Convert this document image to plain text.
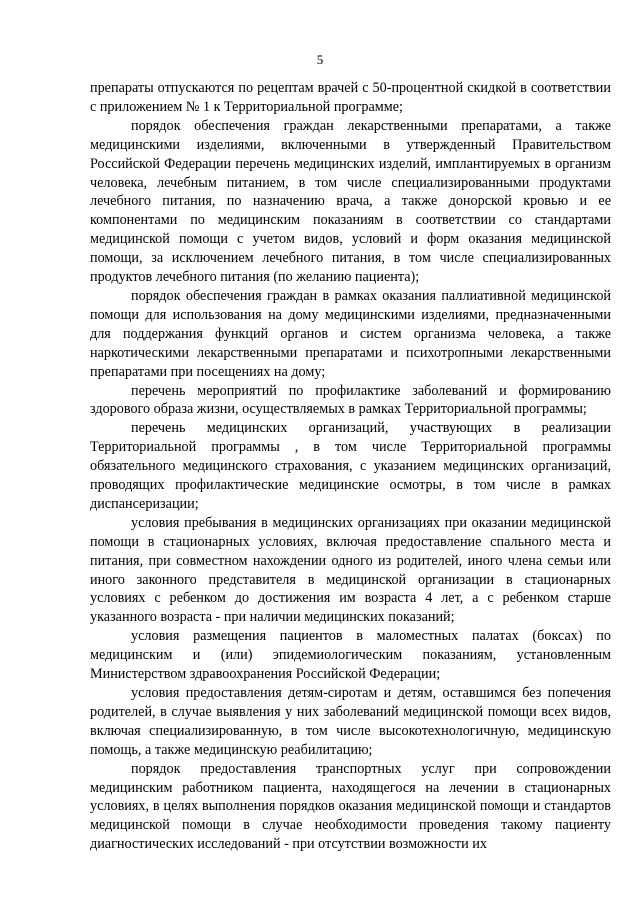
5

препараты отпускаются по рецептам врачей с 50-процентной скидкой в соответствии с приложением № 1 к Территориальной программе;

порядок обеспечения граждан лекарственными препаратами, а также медицинскими изделиями, включенными в утвержденный Правительством Российской Федерации перечень медицинских изделий, имплантируемых в организм человека, лечебным питанием, в том числе специализированными продуктами лечебного питания, по назначению врача, а также донорской кровью и ее компонентами по медицинским показаниям в соответствии со стандартами медицинской помощи с учетом видов, условий и форм оказания медицинской помощи, за исключением лечебного питания, в том числе специализированных продуктов лечебного питания (по желанию пациента);

порядок обеспечения граждан в рамках оказания паллиативной медицинской помощи для использования на дому медицинскими изделиями, предназначенными для поддержания функций органов и систем организма человека, а также наркотическими лекарственными препаратами и психотропными лекарственными препаратами при посещениях на дому;

перечень мероприятий по профилактике заболеваний и формированию здорового образа жизни, осуществляемых в рамках Территориальной программы;

перечень медицинских организаций, участвующих в реализации Территориальной программы , в том числе Территориальной программы обязательного медицинского страхования, с указанием медицинских организаций, проводящих профилактические медицинские осмотры, в том числе в рамках диспансеризации;

условия пребывания в медицинских организациях при оказании медицинской помощи в стационарных условиях, включая предоставление спального места и питания, при совместном нахождении одного из родителей, иного члена семьи или иного законного представителя в медицинской организации в стационарных условиях с ребенком до достижения им возраста 4 лет, а с ребенком старше указанного возраста - при наличии медицинских показаний;

условия размещения пациентов в маломестных палатах (боксах) по медицинским и (или) эпидемиологическим показаниям, установленным Министерством здравоохранения Российской Федерации;

условия предоставления детям-сиротам и детям, оставшимся без попечения родителей, в случае выявления у них заболеваний медицинской помощи всех видов, включая специализированную, в том числе высокотехнологичную, медицинскую помощь, а также медицинскую реабилитацию;

порядок предоставления транспортных услуг при сопровождении медицинским работником пациента, находящегося на лечении в стационарных условиях, в целях выполнения порядков оказания медицинской помощи и стандартов медицинской помощи в случае необходимости проведения такому пациенту диагностических исследований - при отсутствии возможности их
